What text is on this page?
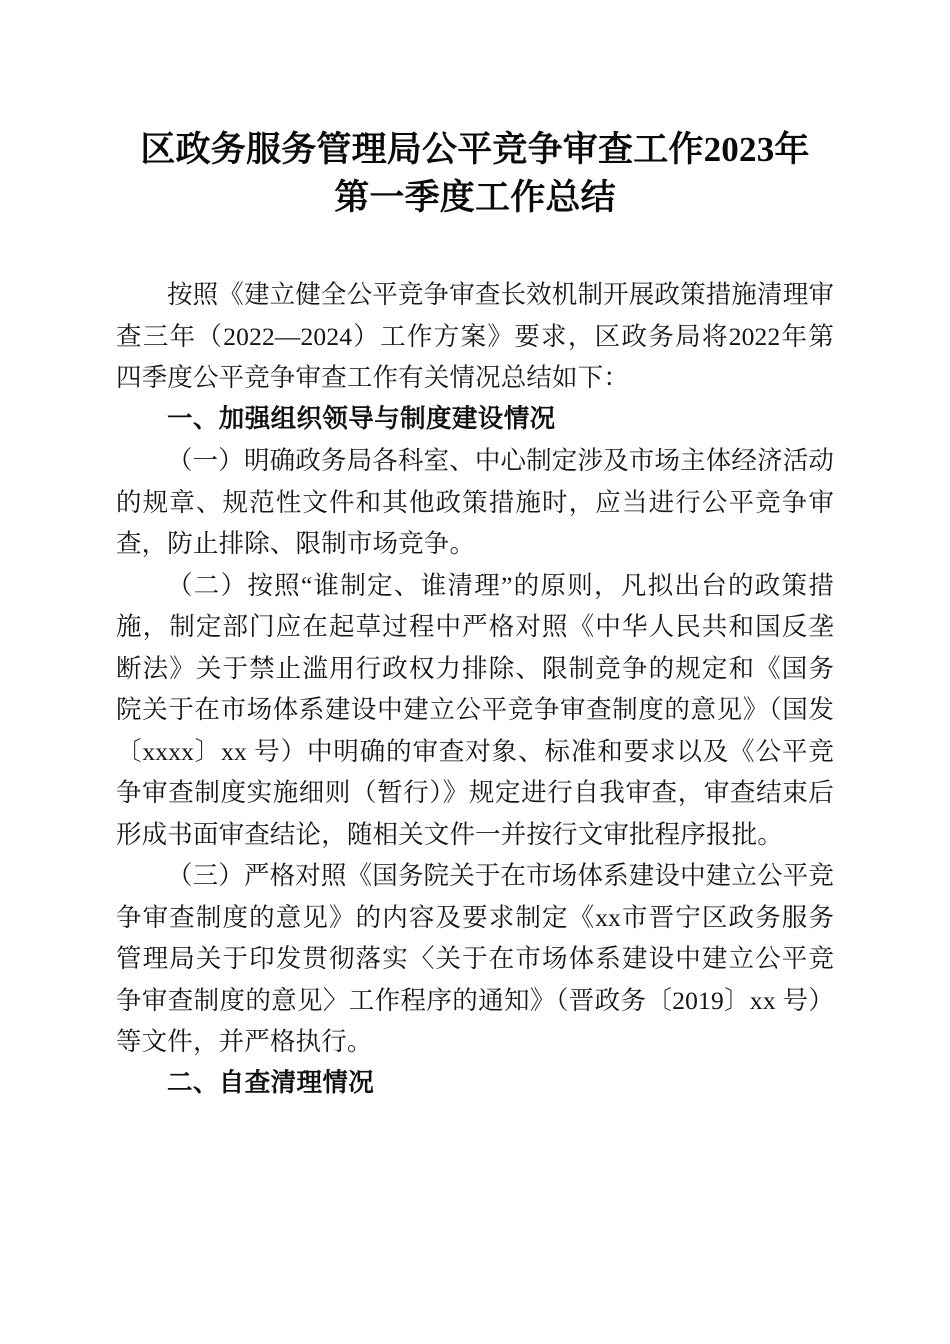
区政务服务管理局公平竞争审查工作2023年
第一季度工作总结

按照《建立健全公平竞争审查长效机制开展政策措施清理审查三年（2022—2024）工作方案》要求，区政务局将2022年第四季度公平竞争审查工作有关情况总结如下：

一、加强组织领导与制度建设情况

（一）明确政务局各科室、中心制定涉及市场主体经济活动的规章、规范性文件和其他政策措施时，应当进行公平竞争审查，防止排除、限制市场竞争。

（二）按照“谁制定、谁清理”的原则，凡拟出台的政策措施，制定部门应在起草过程中严格对照《中华人民共和国反垄断法》关于禁止滥用行政权力排除、限制竞争的规定和《国务院关于在市场体系建设中建立公平竞争审查制度的意见》（国发〔xxxx〕xx 号）中明确的审查对象、标准和要求以及《公平竞争审查制度实施细则（暂行）》规定进行自我审查，审查结束后形成书面审查结论，随相关文件一并按行文审批程序报批。

（三）严格对照《国务院关于在市场体系建设中建立公平竞争审查制度的意见》的内容及要求制定《xx市晋宁区政务服务管理局关于印发贯彻落实〈关于在市场体系建设中建立公平竞争审查制度的意见〉工作程序的通知》（晋政务〔2019〕xx 号）等文件，并严格执行。

二、自查清理情况
